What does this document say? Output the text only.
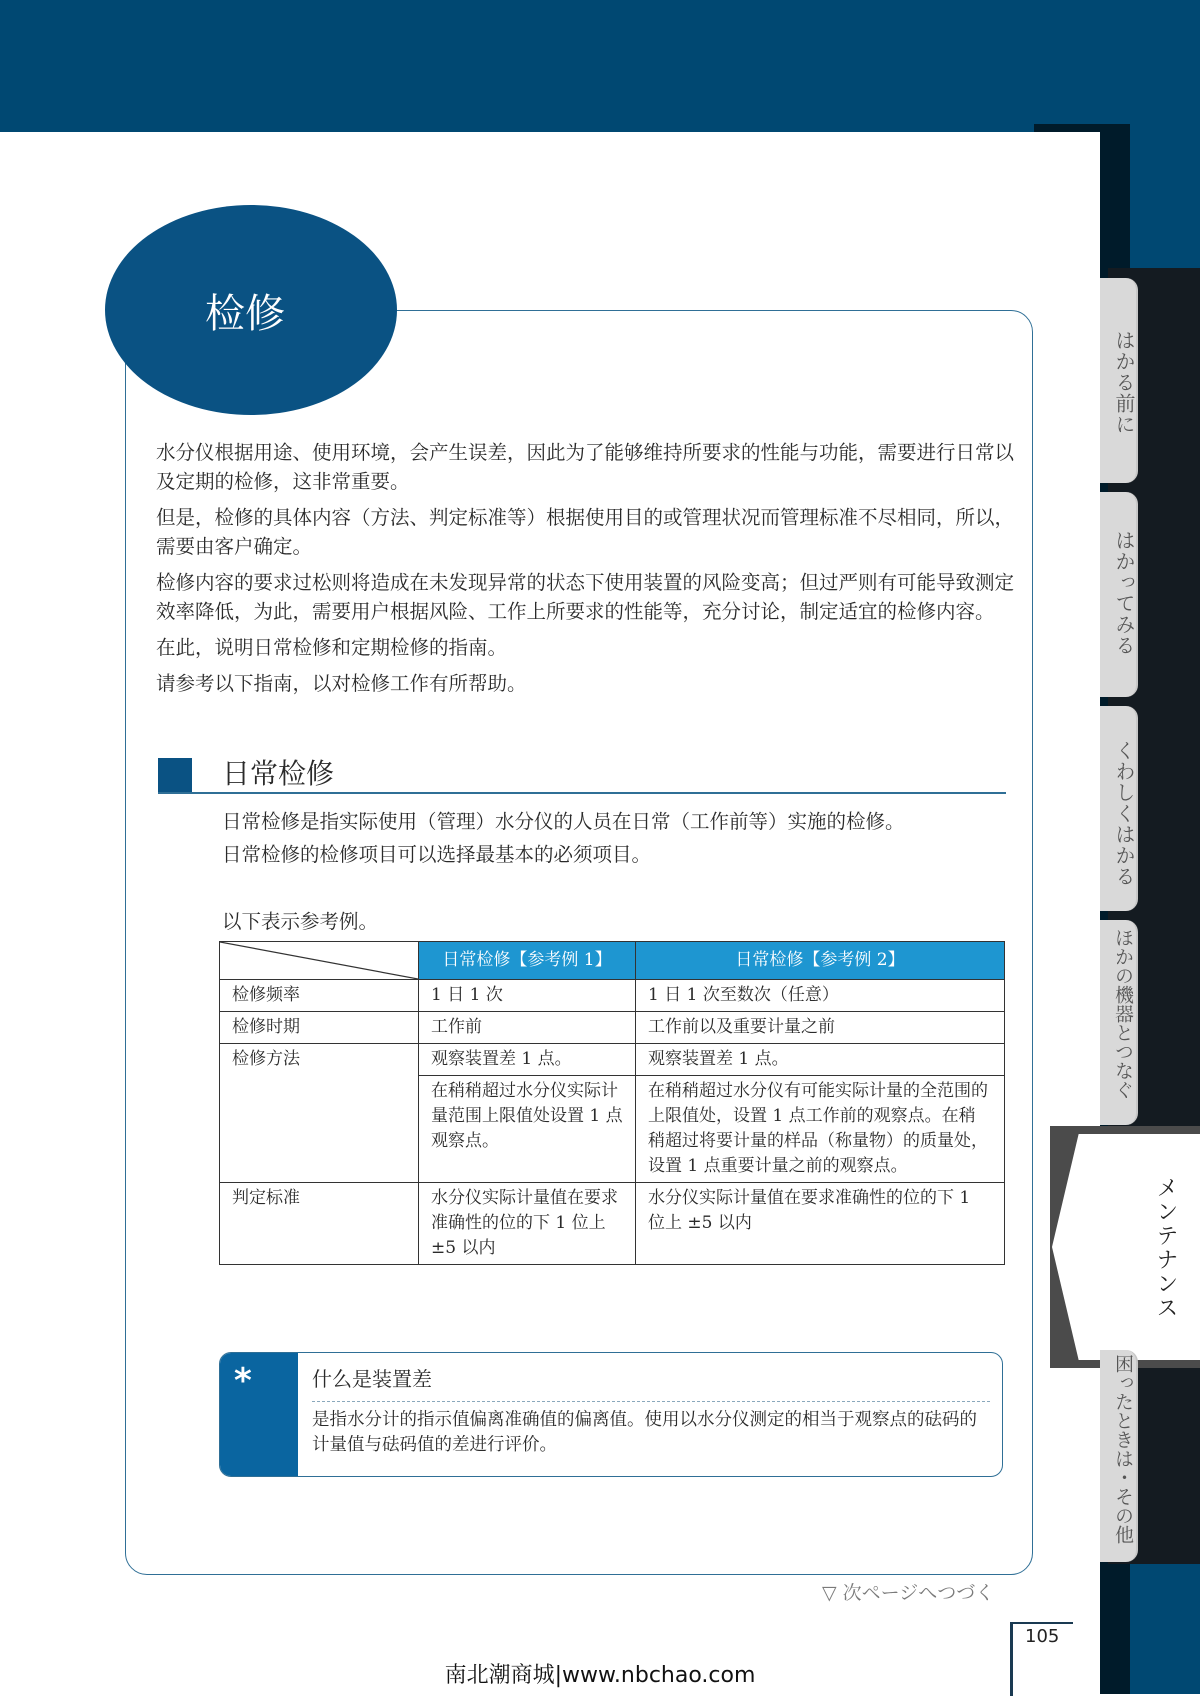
检修

水分仪根据用途、使用环境，会产生误差，因此为了能够维持所要求的性能与功能，需要进行日常以及定期的检修，这非常重要。

但是，检修的具体内容（方法、判定标准等）根据使用目的或管理状况而管理标准不尽相同，所以，需要由客户确定。

检修内容的要求过松则将造成在未发现异常的状态下使用装置的风险变高；但过严则有可能导致测定效率降低，为此，需要用户根据风险、工作上所要求的性能等，充分讨论，制定适宜的检修内容。

在此，说明日常检修和定期检修的指南。

请参考以下指南，以对检修工作有所帮助。

日常检修

日常检修是指实际使用（管理）水分仪的人员在日常（工作前等）实施的检修。

日常检修的检修项目可以选择最基本的必须项目。

以下表示参考例。
	日常检修【参考例 1】	日常检修【参考例 2】
检修频率	1 日 1 次	1 日 1 次至数次（任意）
检修时期	工作前	工作前以及重要计量之前
检修方法	观察装置差 1 点。	观察装置差 1 点。
	在稍稍超过水分仪实际计量范围上限值处设置 1 点观察点。	在稍稍超过水分仪有可能实际计量的全范围的上限值处，设置 1 点工作前的观察点。在稍稍超过将要计量的样品（称量物）的质量处，设置 1 点重要计量之前的观察点。
判定标准	水分仪实际计量值在要求准确性的位的下 1 位上 ±5 以内	水分仪实际计量值在要求准确性的位的下 1 位上 ±5 以内
*	什么是装置差
是指水分计的指示值偏离准确值的偏离值。使用以水分仪测定的相当于观察点的砝码的计量值与砝码值的差进行评价。
はかる前に
はかってみる
くわしくはかる
ほかの機器とつなぐ
メンテナンス
困ったときは・その他
▽ 次ページへつづく
105
南北潮商城|www.nbchao.com
